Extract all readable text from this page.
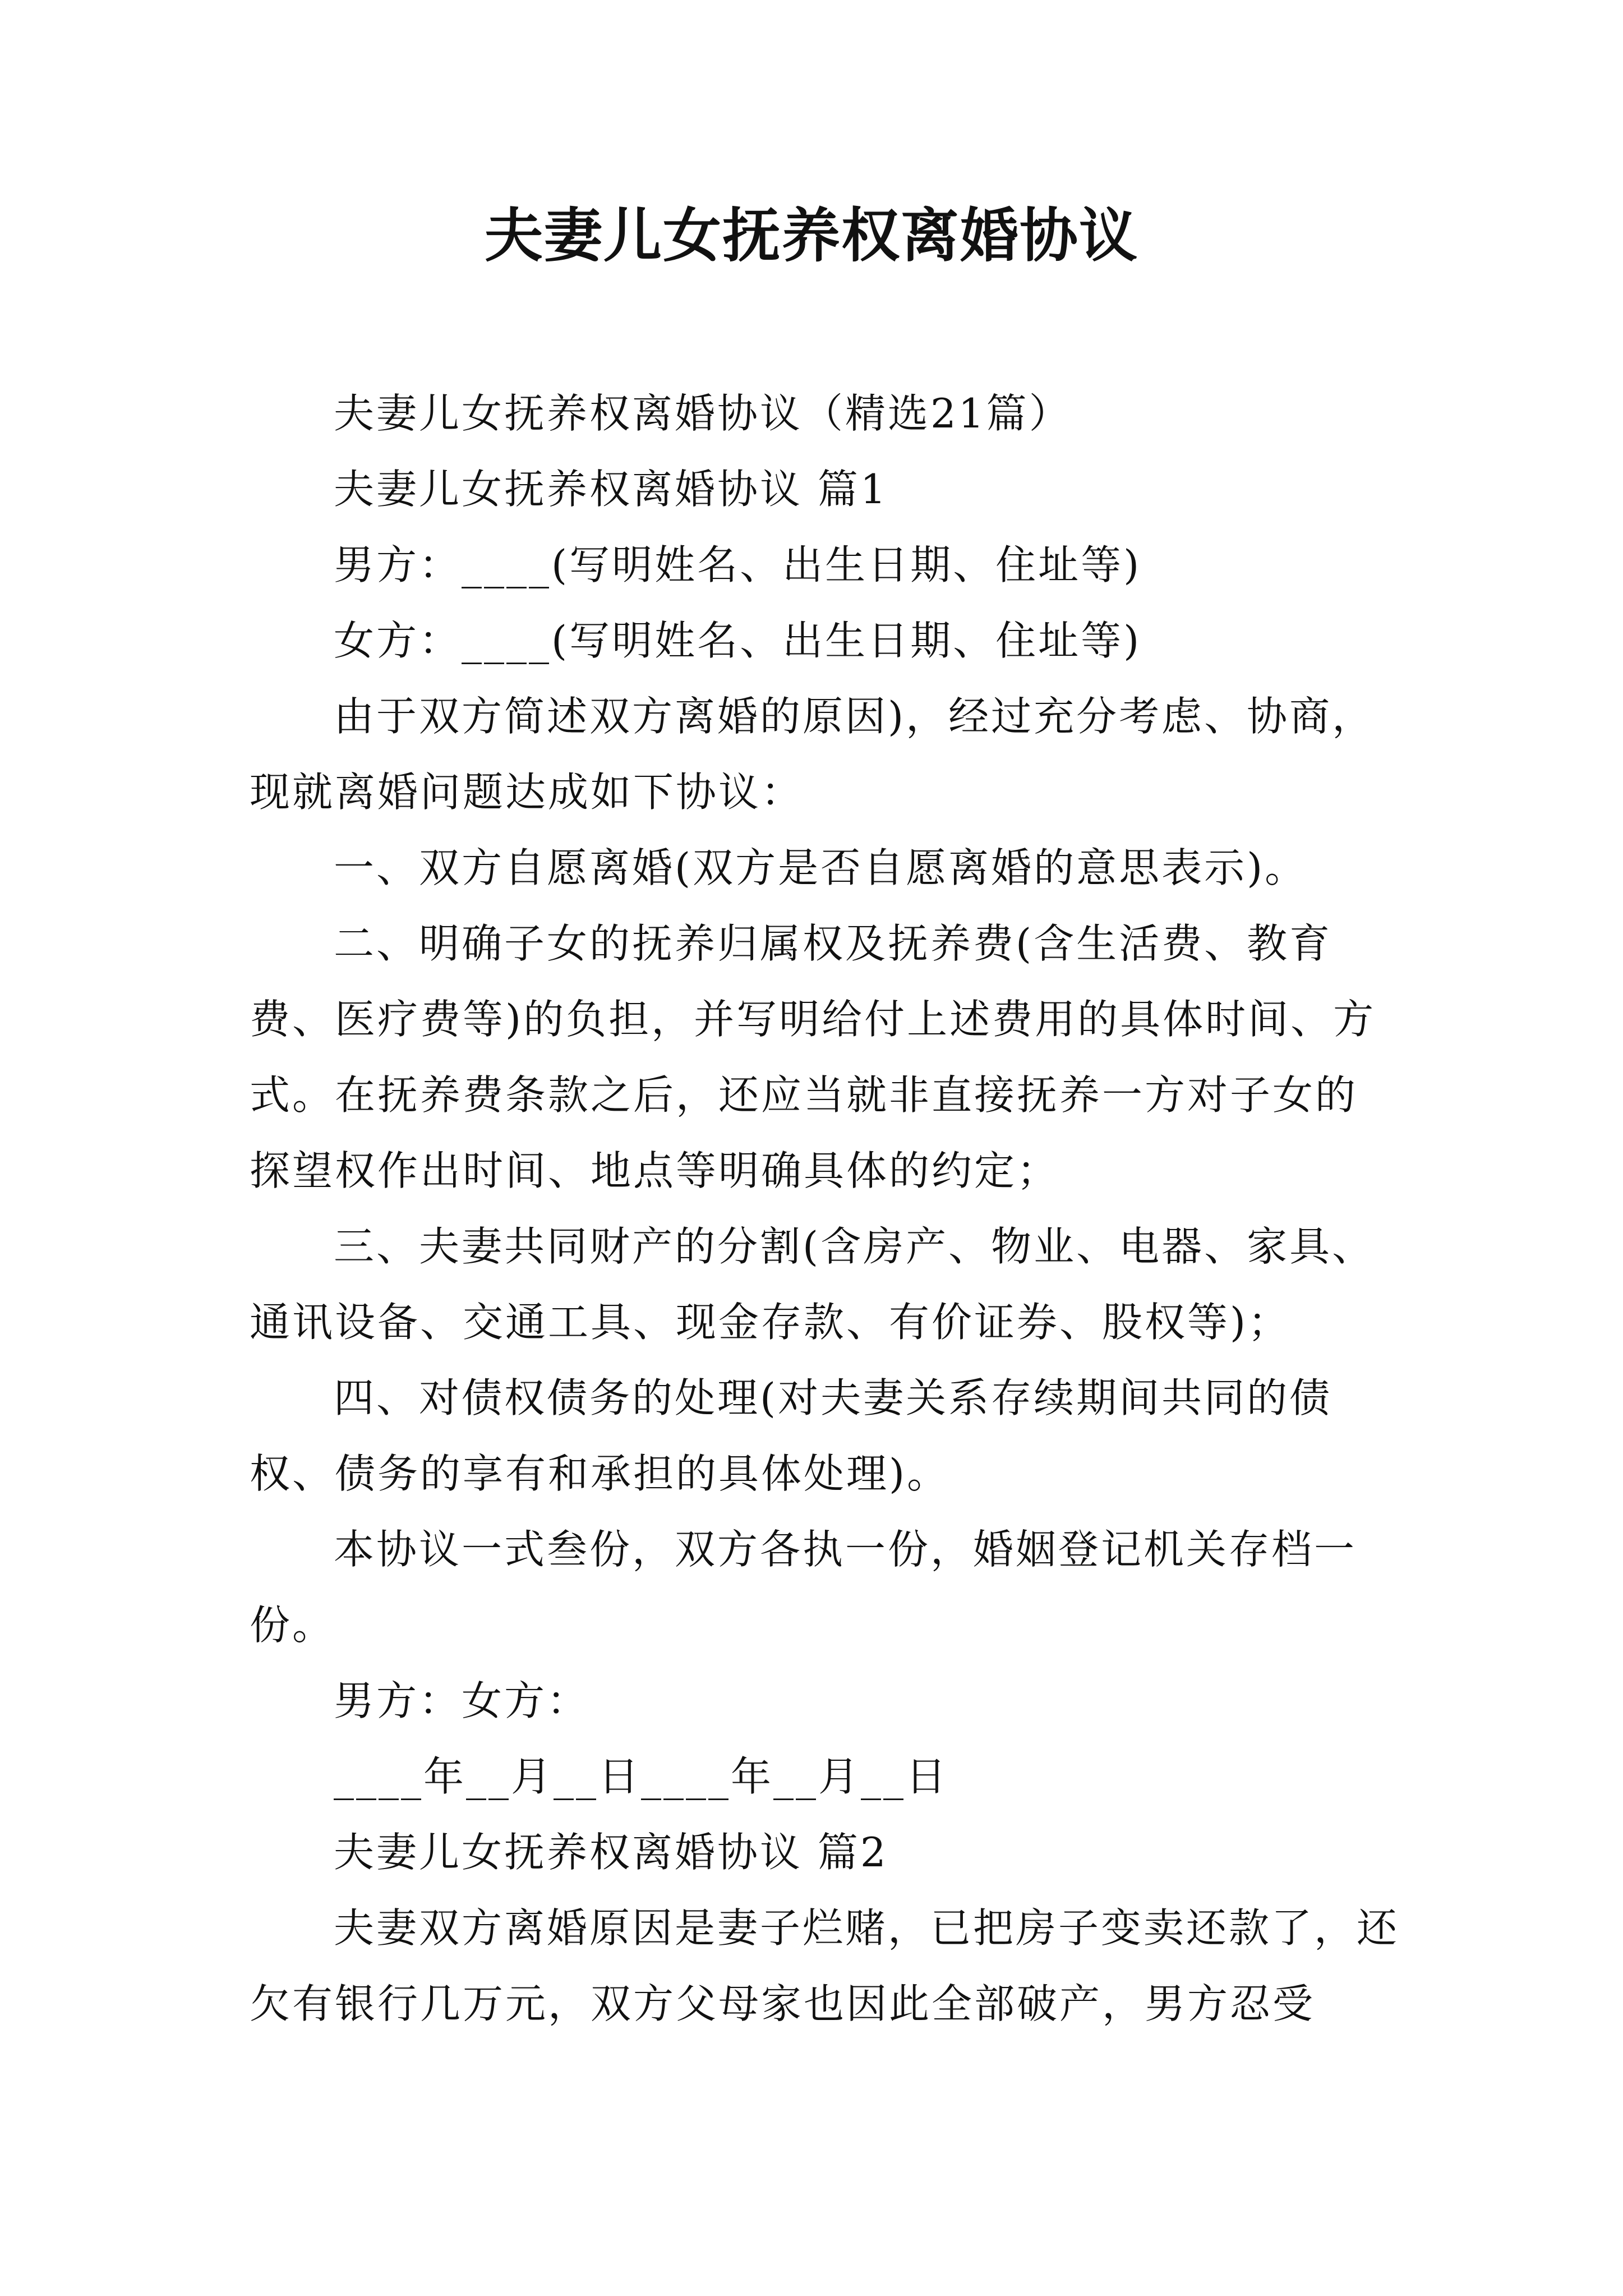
夫妻儿女抚养权离婚协议

夫妻儿女抚养权离婚协议（精选21篇）

夫妻儿女抚养权离婚协议 篇1

男方：____(写明姓名、出生日期、住址等)

女方：____(写明姓名、出生日期、住址等)

由于双方简述双方离婚的原因)，经过充分考虑、协商，现就离婚问题达成如下协议：

一、双方自愿离婚(双方是否自愿离婚的意思表示)。

二、明确子女的抚养归属权及抚养费(含生活费、教育费、医疗费等)的负担，并写明给付上述费用的具体时间、方式。在抚养费条款之后，还应当就非直接抚养一方对子女的探望权作出时间、地点等明确具体的约定；

三、夫妻共同财产的分割(含房产、物业、电器、家具、通讯设备、交通工具、现金存款、有价证券、股权等)；

四、对债权债务的处理(对夫妻关系存续期间共同的债权、债务的享有和承担的具体处理)。

本协议一式叁份，双方各执一份，婚姻登记机关存档一份。

男方：女方：

____年__月__日____年__月__日

夫妻儿女抚养权离婚协议 篇2

夫妻双方离婚原因是妻子烂赌，已把房子变卖还款了，还欠有银行几万元，双方父母家也因此全部破产，男方忍受
